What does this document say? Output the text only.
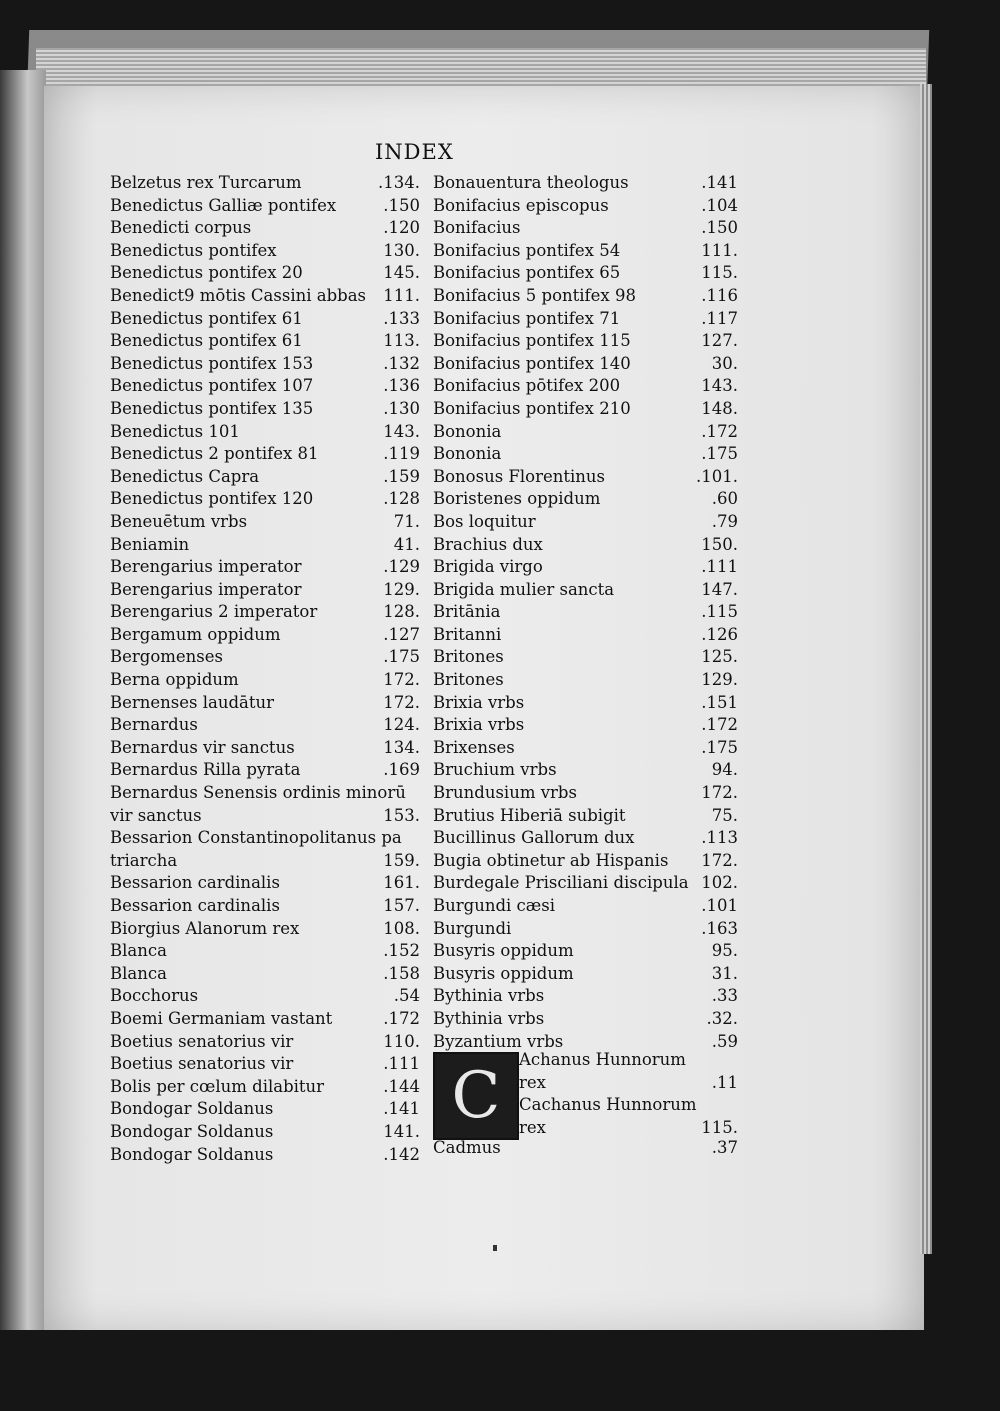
INDEX
Belzetus rex Turcarum	.134.
Benedictus Galliæ pontifex	.150
Benedicti corpus	.120
Benedictus pontifex	130.
Benedictus pontifex 20	145.
Benedict9 mōtis Cassini abbas 111.
Benedictus pontifex 61	.133
Benedictus pontifex 61	113.
Benedictus pontifex 153	.132
Benedictus pontifex 107	.136
Benedictus pontifex 135	.130
Benedictus 101	143.
Benedictus 2 pontifex 81	.119
Benedictus Capra	.159
Benedictus pontifex 120	.128
Beneuētum vrbs	71.
Beniamin	41.
Berengarius imperator	.129
Berengarius imperator	129.
Berengarius 2 imperator	128.
Bergamum oppidum	.127
Bergomenses	.175
Berna oppidum	172.
Bernenses laudātur	172.
Bernardus	124.
Bernardus vir sanctus	134.
Bernardus Rilla pyrata	.169
Bernardus Senensis ordinis minorū
vir sanctus	153.
Bessarion Constantinopolitanus pa
triarcha	159.
Bessarion cardinalis	161.
Bessarion cardinalis	157.
Biorgius Alanorum rex	108.
Blanca	.152
Blanca	.158
Bocchorus	.54
Boemi Germaniam vastant	.172
Boetius senatorius vir	110.
Boetius senatorius vir	.111
Bolis per cœlum dilabitur	.144
Bondogar Soldanus	.141
Bondogar Soldanus	141.
Bondogar Soldanus	.142
Bonauentura theologus	.141
Bonifacius episcopus	.104
Bonifacius	.150
Bonifacius pontifex 54	111.
Bonifacius pontifex 65	115.
Bonifacius 5 pontifex 98	.116
Bonifacius pontifex 71	.117
Bonifacius pontifex 115	127.
Bonifacius pontifex 140	30.
Bonifacius pōtifex 200	143.
Bonifacius pontifex 210	148.
Bononia	.172
Bononia	.175
Bonosus Florentinus	.101.
Boristenes oppidum	.60
Bos loquitur	.79
Brachius dux	150.
Brigida virgo	.111
Brigida mulier sancta	147.
Britānia	.115
Britanni	.126
Britones	125.
Britones	129.
Brixia vrbs	.151
Brixia vrbs	.172
Brixenses	.175
Bruchium vrbs	94.
Brundusium vrbs	172.
Brutius Hiberiā subigit	75.
Bucillinus Gallorum dux	.113
Bugia obtinetur ab Hispanis 172.
Burdegale Prisciliani discipula 102.
Burgundi cæsi	.101
Burgundi	.163
Busyris oppidum	95.
Busyris oppidum	31.
Bythinia vrbs	.33
Bythinia vrbs	.32.
Byzantium vrbs	.59
C	Achanus Hunnorum
rex	.11
Cachanus Hunnorum
rex	115.
Cadmus	.37
